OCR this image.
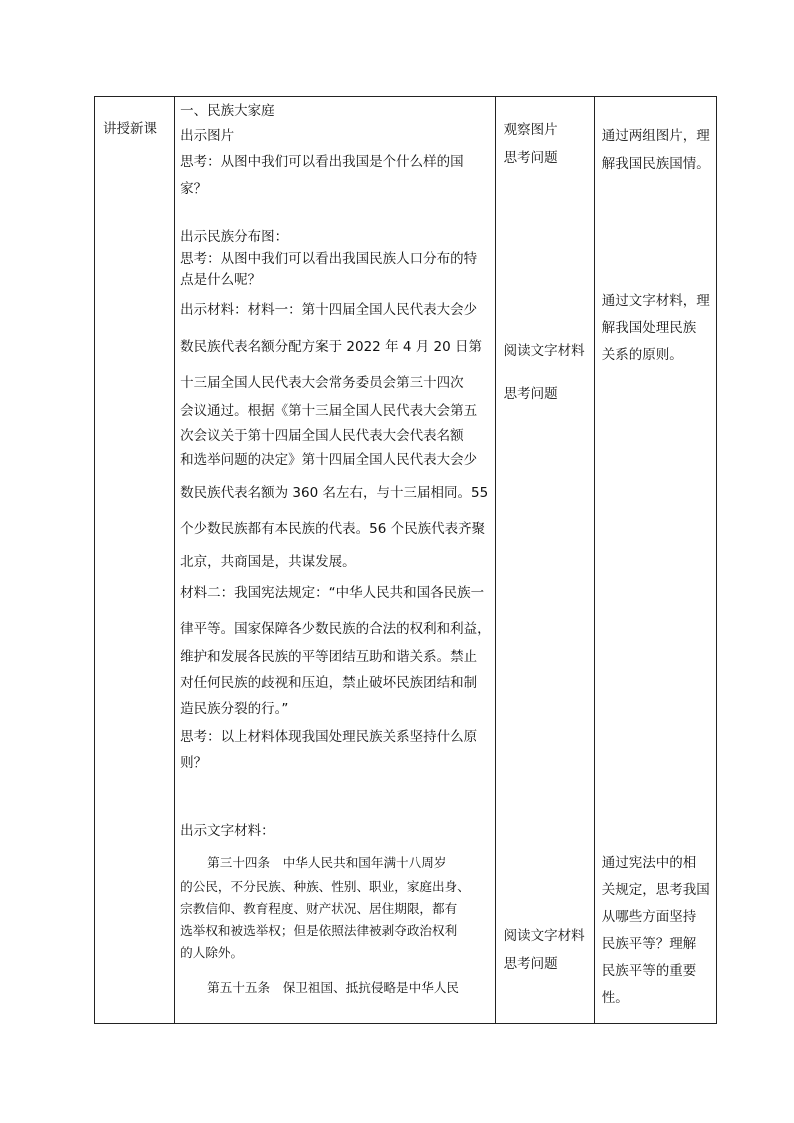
讲授新课

一、民族大家庭
出示图片
思考：从图中我们可以看出我国是个什么样的国
家？
出示民族分布图：
思考：从图中我们可以看出我国民族人口分布的特
点是什么呢？
出示材料：材料一：第十四届全国人民代表大会少
数民族代表名额分配方案于 2022 年 4 月 20 日第
十三届全国人民代表大会常务委员会第三十四次
会议通过。根据《第十三届全国人民代表大会第五
次会议关于第十四届全国人民代表大会代表名额
和选举问题的决定》第十四届全国人民代表大会少
数民族代表名额为 360 名左右，与十三届相同。55
个少数民族都有本民族的代表。56 个民族代表齐聚
北京，共商国是，共谋发展。
材料二：我国宪法规定：“中华人民共和国各民族一
律平等。国家保障各少数民族的合法的权利和利益，
维护和发展各民族的平等团结互助和谐关系。禁止
对任何民族的歧视和压迫，禁止破坏民族团结和制
造民族分裂的行。”
思考：以上材料体现我国处理民族关系坚持什么原
则？
出示文字材料：
第三十四条　中华人民共和国年满十八周岁
的公民，不分民族、种族、性别、职业，家庭出身、
宗教信仰、教育程度、财产状况、居住期限，都有
选举权和被选举权；但是依照法律被剥夺政治权利
的人除外。
第五十五条　保卫祖国、抵抗侵略是中华人民

观察图片
思考问题
阅读文字材料
思考问题
阅读文字材料
思考问题

通过两组图片，理
解我国民族国情。
通过文字材料，理
解我国处理民族
关系的原则。
通过宪法中的相
关规定，思考我国
从哪些方面坚持
民族平等？理解
民族平等的重要
性。
